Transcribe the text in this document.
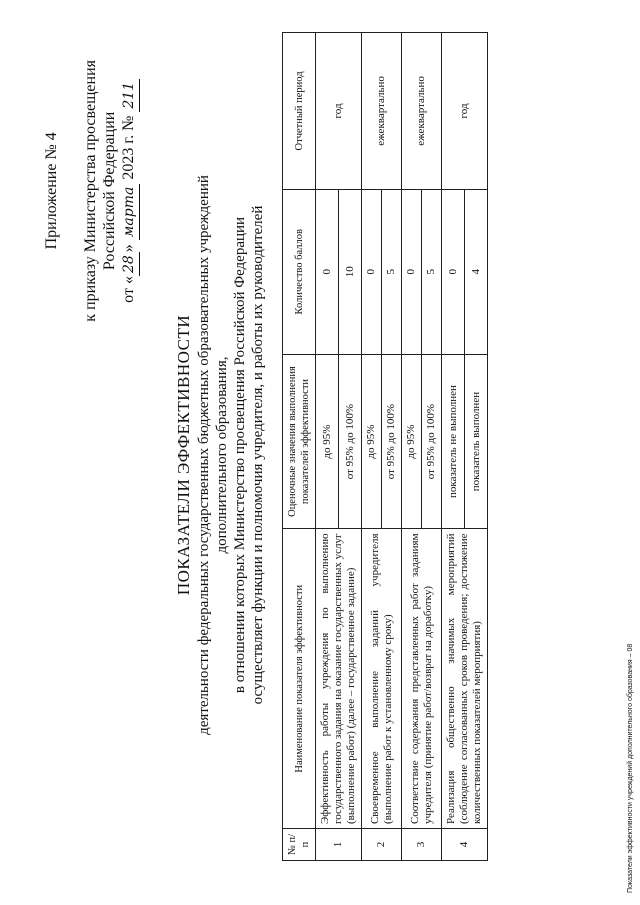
Приложение № 4 к приказу Министерства просвещения Российской Федерации
от «28» марта 2023 г. № 211
ПОКАЗАТЕЛИ ЭФФЕКТИВНОСТИ деятельности федеральных государственных бюджетных образовательных учреждений дополнительного образования, в отношении которых Министерство просвещения Российской Федерации осуществляет функции и полномочия учредителя, и работы их руководителей
№ п/п	Наименование показателя эффективности	Оценочные значения выполнения показателей эффективности	Количество баллов	Отчетный период
1	Эффективность работы учреждения по выполнению государственного задания на оказание государственных услуг (выполнение работ) (далее – государственное задание)	до 95%	0	год
		от 95% до 100%	10	
2	Своевременное выполнение заданий учредителя (выполнение работ к установленному сроку)	до 95%	0	ежеквартально
		от 95% до 100%	5	
3	Соответствие содержания представленных работ заданиям учредителя (принятие работ/возврат на доработку)	до 95%	0	ежеквартально
		от 95% до 100%	5	
4	Реализация общественно значимых мероприятий (соблюдение согласованных сроков проведения; достижение количественных показателей мероприятия)	показатель не выполнен	0	год
		показатель выполнен	4	
Показатели эффективности учреждений дополнительного образования – 08
